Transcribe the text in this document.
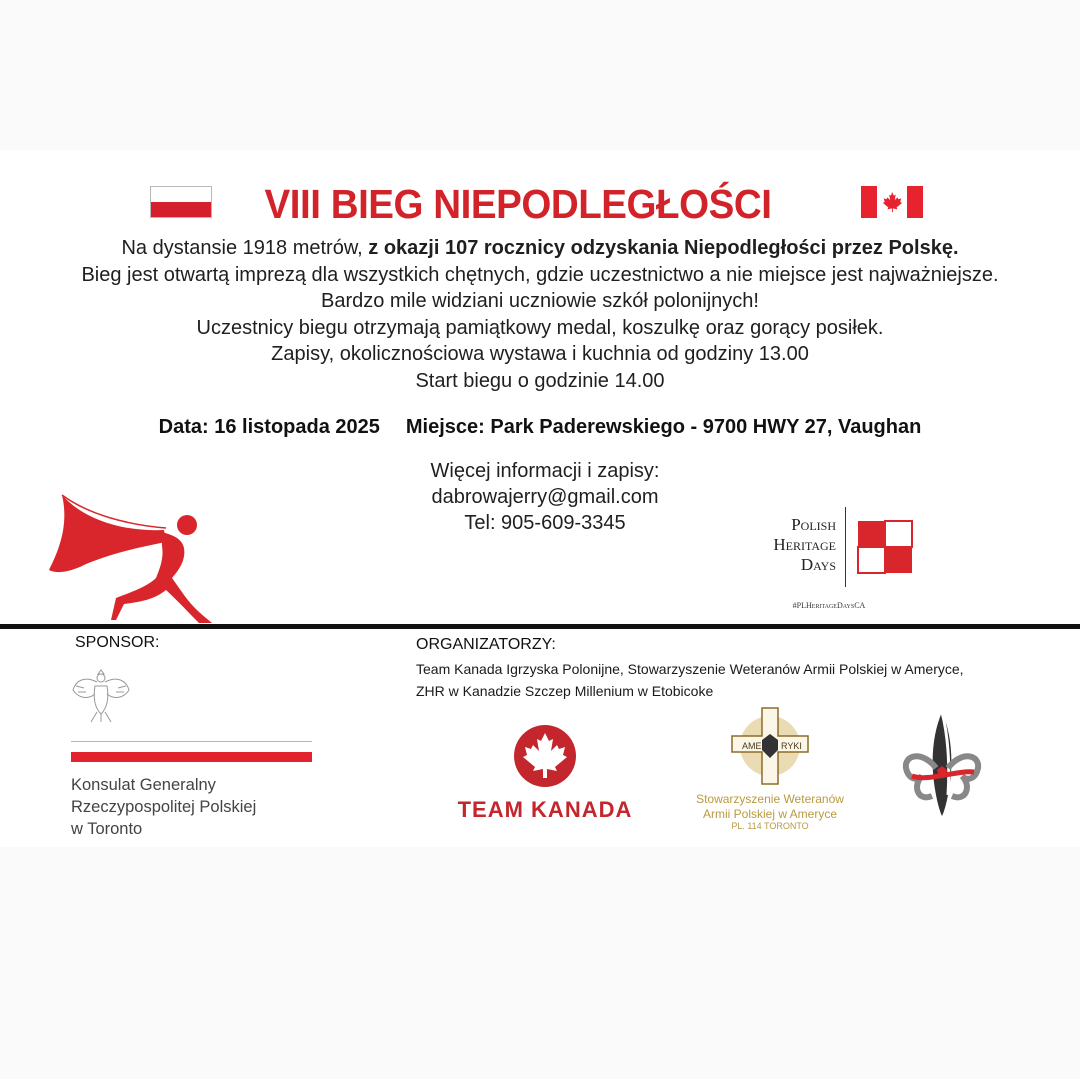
VIII BIEG NIEPODLEGŁOŚCI
Na dystansie 1918 metrów, z okazji 107 rocznicy odzyskania Niepodległości przez Polskę.
Bieg jest otwartą imprezą dla wszystkich chętnych, gdzie uczestnictwo a nie miejsce jest najważniejsze.
Bardzo mile widziani uczniowie szkół polonijnych!
Uczestnicy biegu otrzymają pamiątkowy medal, koszulkę oraz gorący posiłek.
Zapisy, okolicznościowa wystawa i kuchnia od godziny 13.00
Start biegu o godzinie 14.00
Data: 16 listopada 2025 Miejsce: Park Paderewskiego - 9700 HWY 27, Vaughan
Więcej informacji i zapisy:
dabrowajerry@gmail.com
Tel: 905-609-3345	Polish
Heritage
Days
#PLHeritageDaysCA
SPONSOR:
Konsulat Generalny
Rzeczypospolitej Polskiej
w Toronto
ORGANIZATORZY:
Team Kanada Igrzyska Polonijne, Stowarzyszenie Weteranów Armii Polskiej w Ameryce,
ZHR w Kanadzie Szczep Millenium w Etobicoke
TEAM KANADA
AME RYKI
Stowarzyszenie Weteranów
Armii Polskiej w Ameryce
PL. 114 TORONTO
